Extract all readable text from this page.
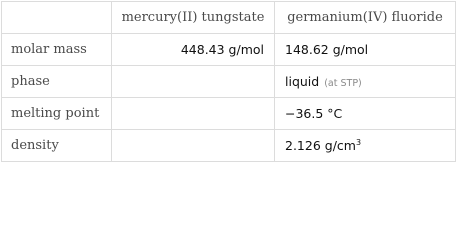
	mercury(II) tungstate	germanium(IV) fluoride
molar mass	448.43 g/mol	148.62 g/mol
phase		liquid (at STP)
melting point		−36.5 °C
density		2.126 $g/cm^3$
